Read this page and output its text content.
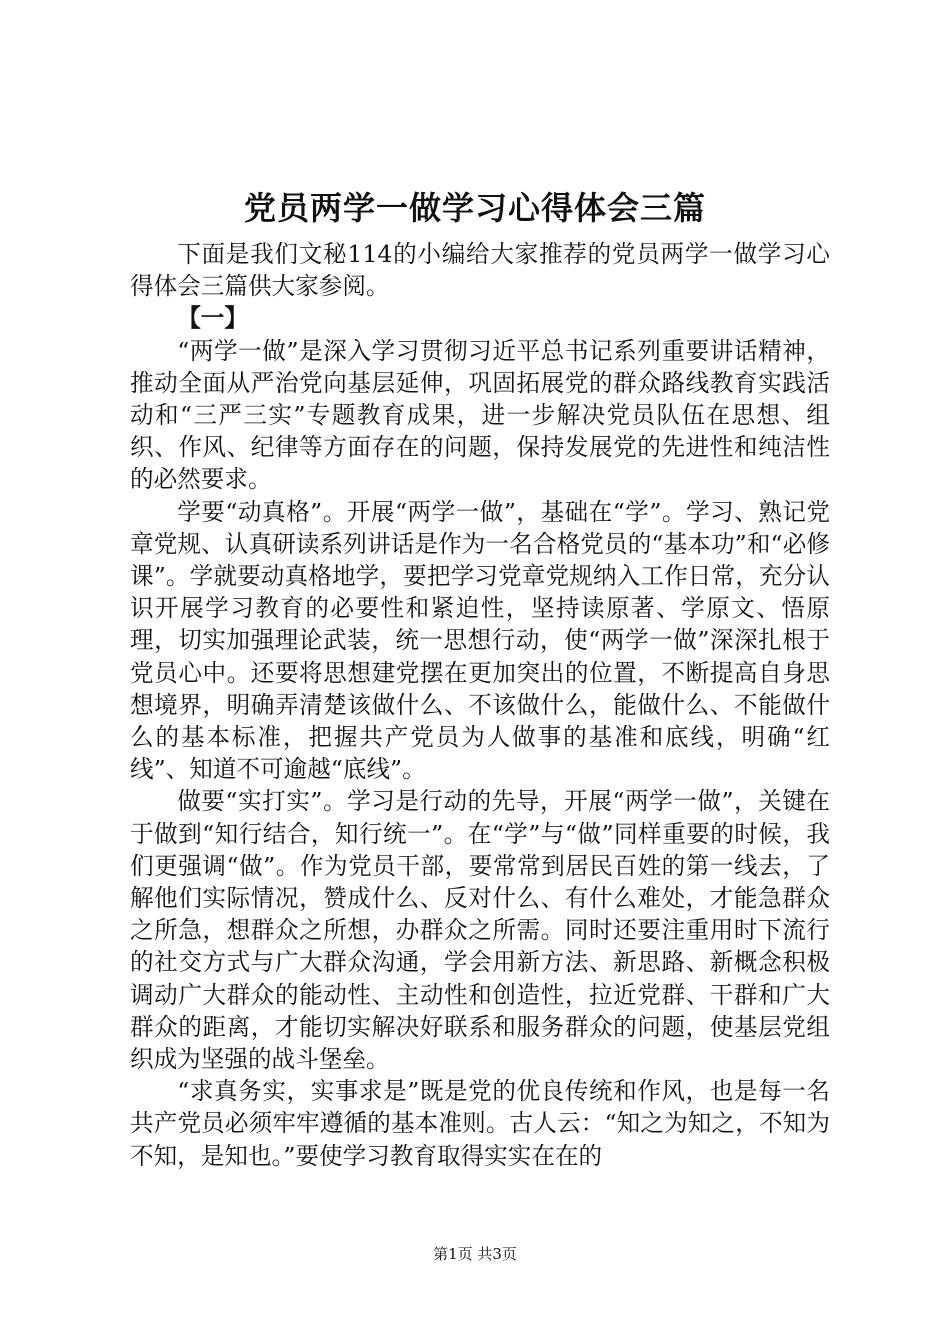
党员两学一做学习心得体会三篇

下面是我们文秘114的小编给大家推荐的党员两学一做学习心得体会三篇供大家参阅。

【一】

“两学一做”是深入学习贯彻习近平总书记系列重要讲话精神，推动全面从严治党向基层延伸，巩固拓展党的群众路线教育实践活动和“三严三实”专题教育成果，进一步解决党员队伍在思想、组织、作风、纪律等方面存在的问题，保持发展党的先进性和纯洁性的必然要求。

学要“动真格”。开展“两学一做”，基础在“学”。学习、熟记党章党规、认真研读系列讲话是作为一名合格党员的“基本功”和“必修课”。学就要动真格地学，要把学习党章党规纳入工作日常，充分认识开展学习教育的必要性和紧迫性，坚持读原著、学原文、悟原理，切实加强理论武装，统一思想行动，使“两学一做”深深扎根于党员心中。还要将思想建党摆在更加突出的位置，不断提高自身思想境界，明确弄清楚该做什么、不该做什么，能做什么、不能做什么的基本标准，把握共产党员为人做事的基准和底线，明确“红线”、知道不可逾越“底线”。

做要“实打实”。学习是行动的先导，开展“两学一做”，关键在于做到“知行结合，知行统一”。在“学”与“做”同样重要的时候，我们更强调“做”。作为党员干部，要常常到居民百姓的第一线去，了解他们实际情况，赞成什么、反对什么、有什么难处，才能急群众之所急，想群众之所想，办群众之所需。同时还要注重用时下流行的社交方式与广大群众沟通，学会用新方法、新思路、新概念积极调动广大群众的能动性、主动性和创造性，拉近党群、干群和广大群众的距离，才能切实解决好联系和服务群众的问题，使基层党组织成为坚强的战斗堡垒。

“求真务实，实事求是”既是党的优良传统和作风，也是每一名共产党员必须牢牢遵循的基本准则。古人云：“知之为知之，不知为不知，是知也。”要使学习教育取得实实在在的

第1页 共3页
